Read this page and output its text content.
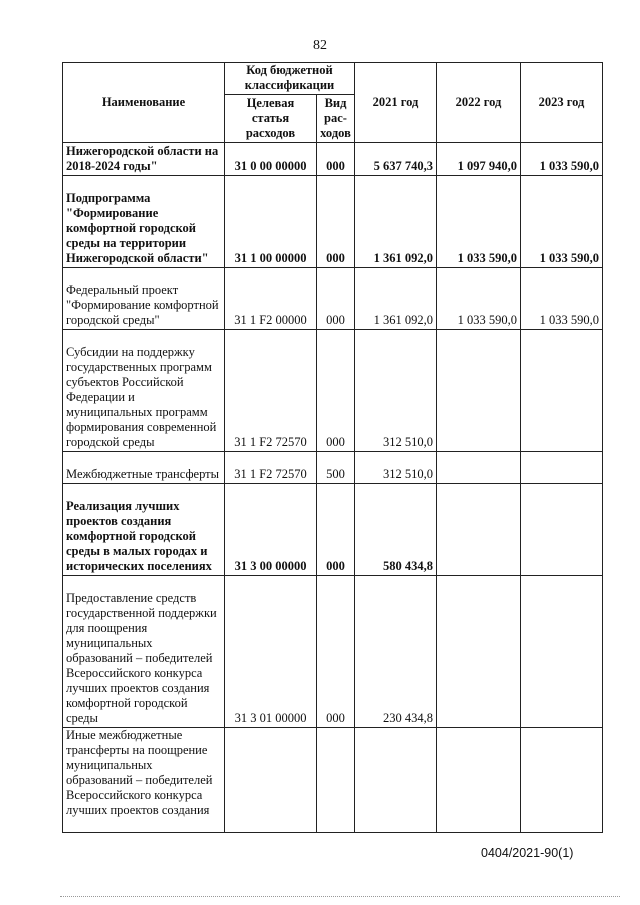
82
Наименование	Код бюджетной классификации		2021 год	2022 год	2023 год
	Целевая статья расходов	Вид рас-ходов			
Нижегородской области на 2018-2024 годы"	31 0 00 00000	000	5 637 740,3	1 097 940,0	1 033 590,0
Подпрограмма "Формирование комфортной городской среды на территории Нижегородской области"	31 1 00 00000	000	1 361 092,0	1 033 590,0	1 033 590,0
Федеральный проект "Формирование комфортной городской среды"	31 1 F2 00000	000	1 361 092,0	1 033 590,0	1 033 590,0
Субсидии на поддержку государственных программ субъектов Российской Федерации и муниципальных программ формирования современной городской среды	31 1 F2 72570	000	312 510,0		
Межбюджетные трансферты	31 1 F2 72570	500	312 510,0		
Реализация лучших проектов создания комфортной городской среды в малых городах и исторических поселениях	31 3 00 00000	000	580 434,8		
Предоставление средств государственной поддержки для поощрения муниципальных образований – победителей Всероссийского конкурса лучших проектов создания комфортной городской среды	31 3 01 00000	000	230 434,8		
Иные межбюджетные трансферты на поощрение муниципальных образований – победителей Всероссийского конкурса лучших проектов создания					
0404/2021-90(1)
